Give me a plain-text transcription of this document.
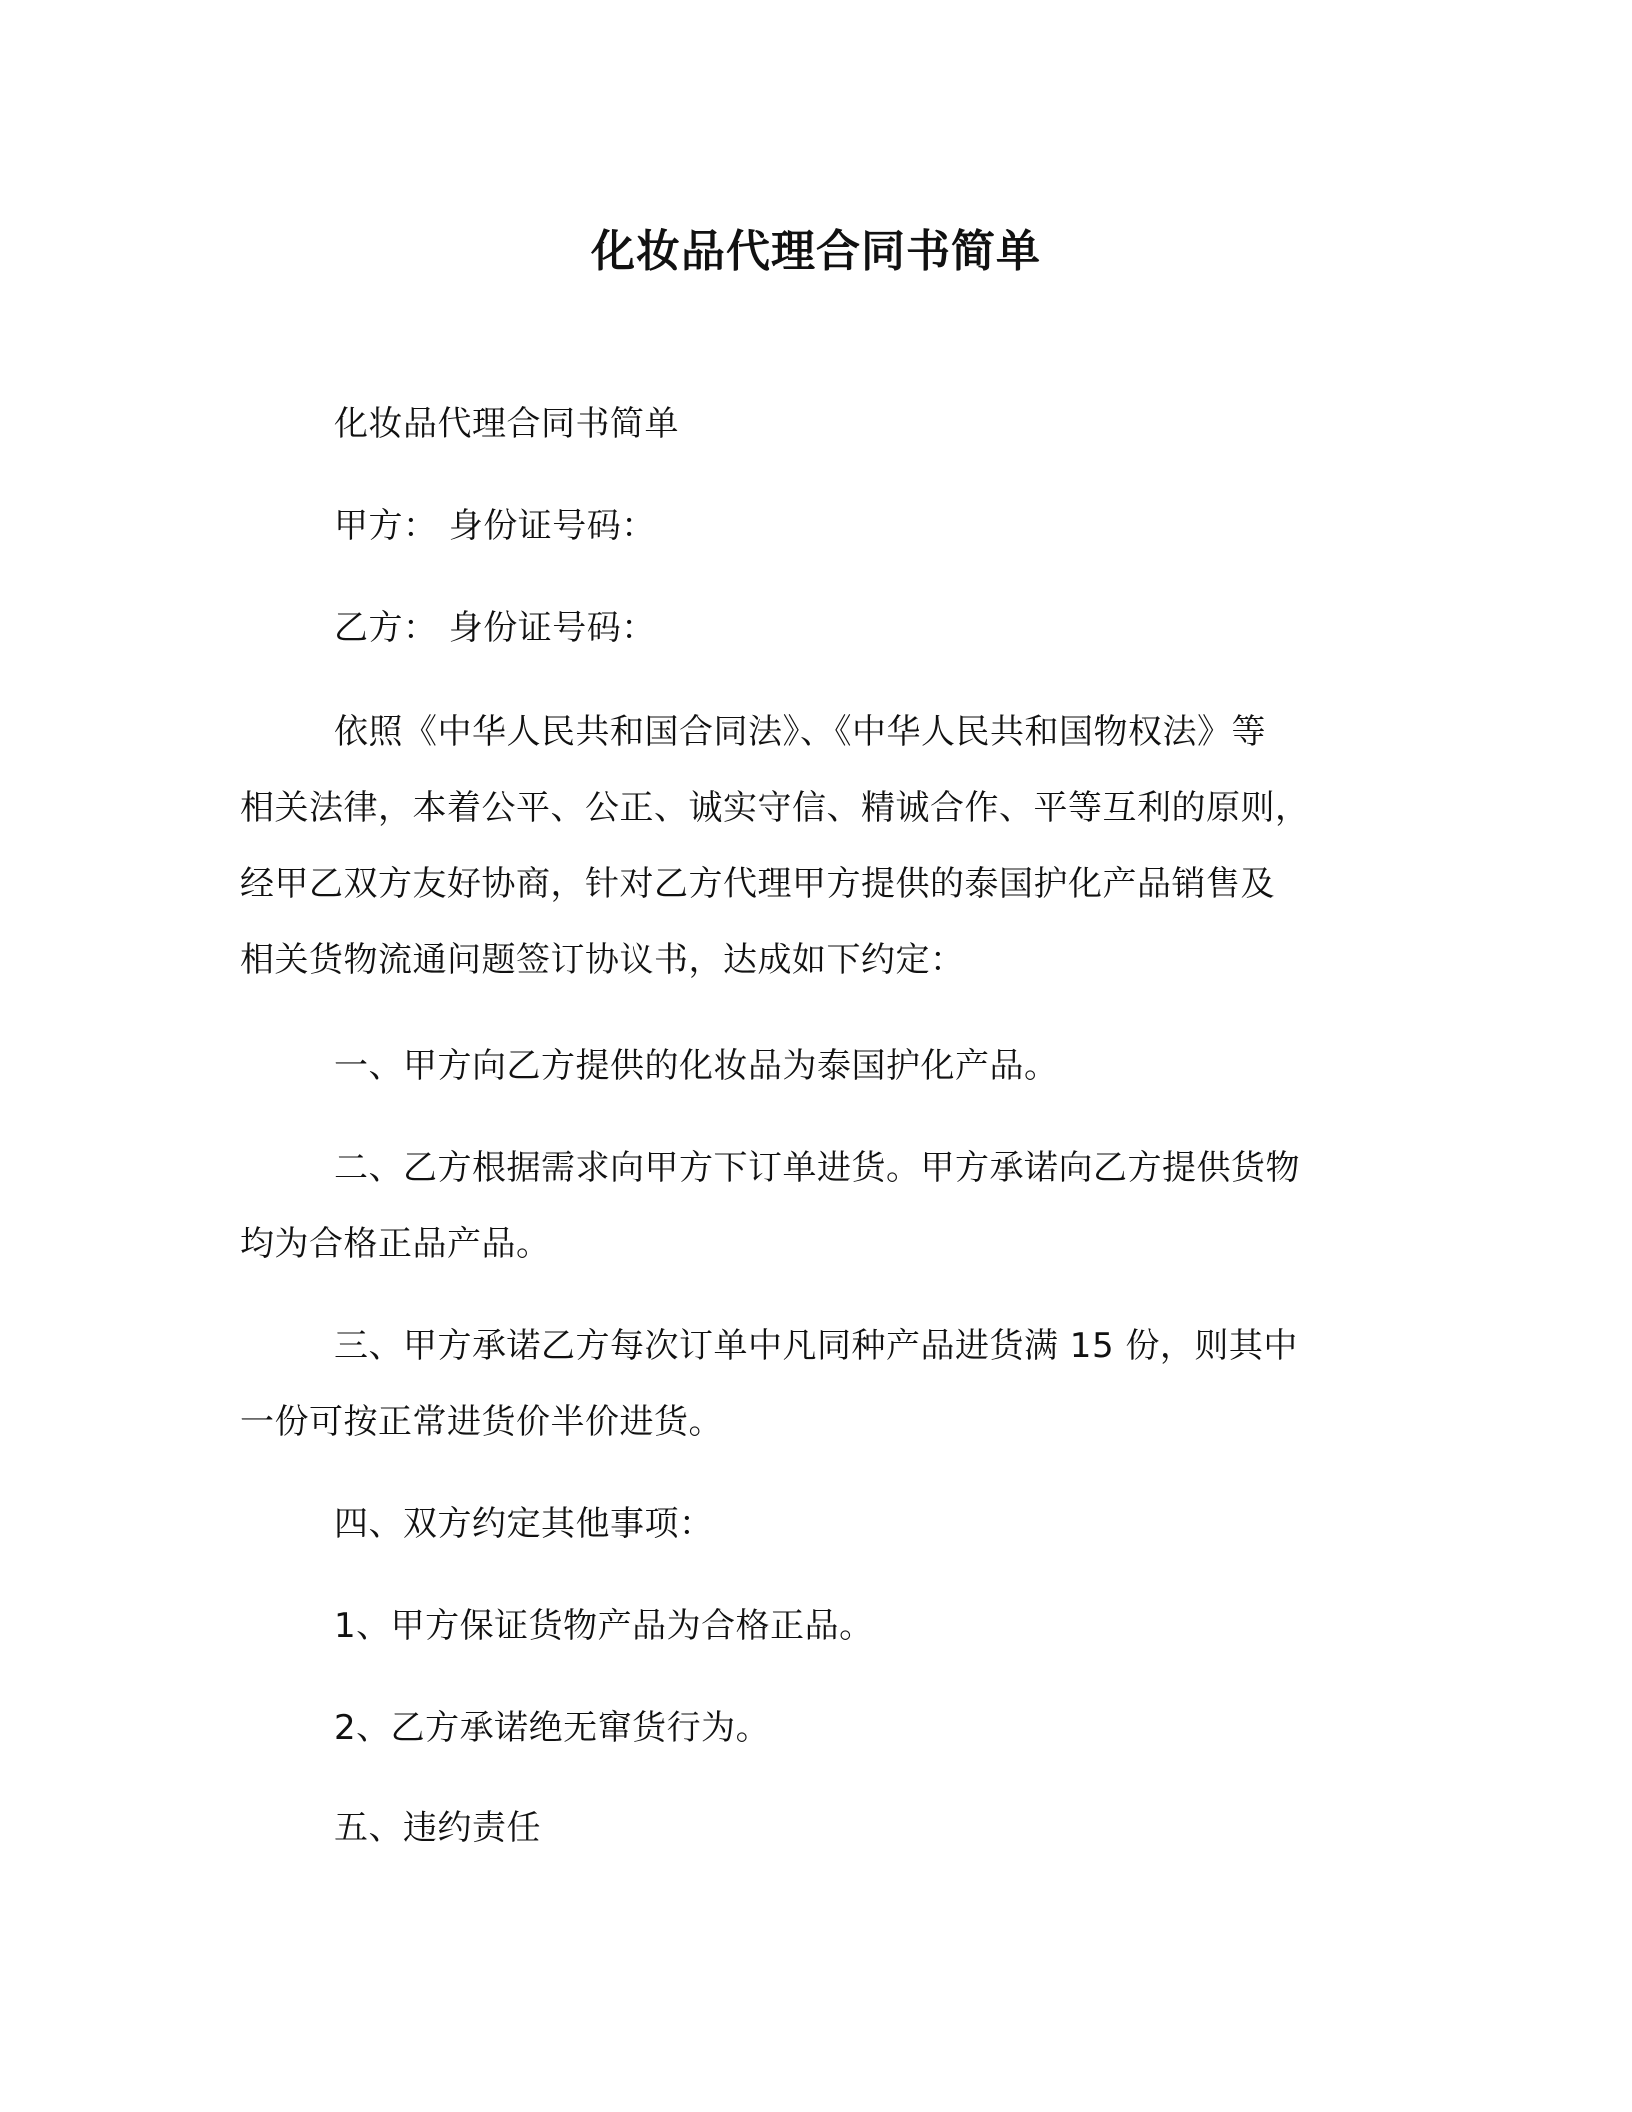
化妆品代理合同书简单
化妆品代理合同书简单
甲方： 身份证号码：
乙方： 身份证号码：
依照《中华人民共和国合同法》、《中华人民共和国物权法》等
相关法律，本着公平、公正、诚实守信、精诚合作、平等互利的原则，
经甲乙双方友好协商，针对乙方代理甲方提供的泰国护化产品销售及
相关货物流通问题签订协议书，达成如下约定：
一、甲方向乙方提供的化妆品为泰国护化产品。
二、乙方根据需求向甲方下订单进货。甲方承诺向乙方提供货物
均为合格正品产品。
三、甲方承诺乙方每次订单中凡同种产品进货满 15 份，则其中
一份可按正常进货价半价进货。
四、双方约定其他事项：
1、甲方保证货物产品为合格正品。
2、乙方承诺绝无窜货行为。
五、违约责任
